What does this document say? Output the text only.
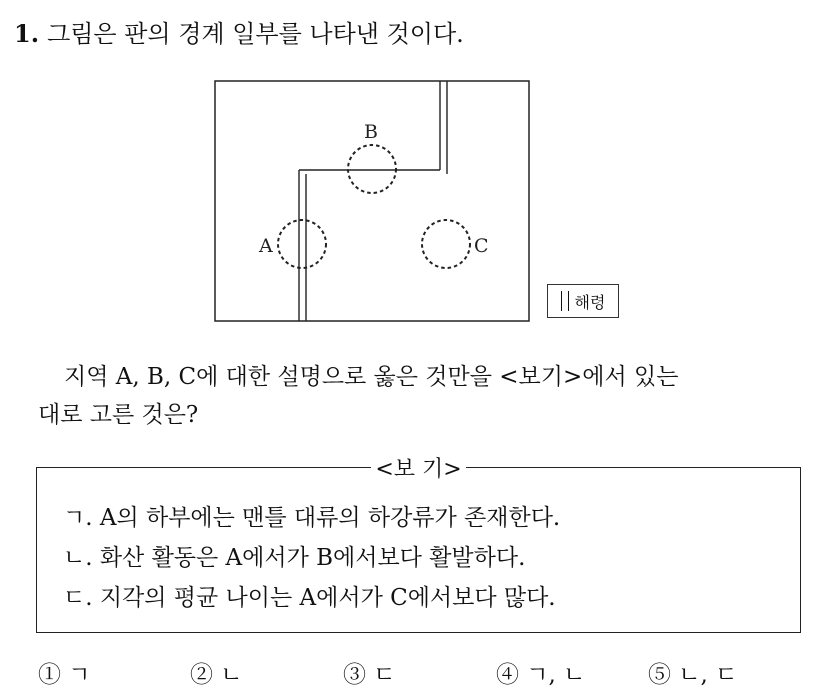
1. 그림은 판의 경계 일부를 나타낸 것이다.
B
A	C
해령
지역 A, B, C에 대한 설명으로 옳은 것만을 <보기>에서 있는
대로 고른 것은?
<보 기>
ㄱ. A의 하부에는 맨틀 대류의 하강류가 존재한다.
ㄴ. 화산 활동은 A에서가 B에서보다 활발하다.
ㄷ. 지각의 평균 나이는 A에서가 C에서보다 많다.
① ㄱ	② ㄴ	③ ㄷ	④ ㄱ, ㄴ	⑤ ㄴ, ㄷ
